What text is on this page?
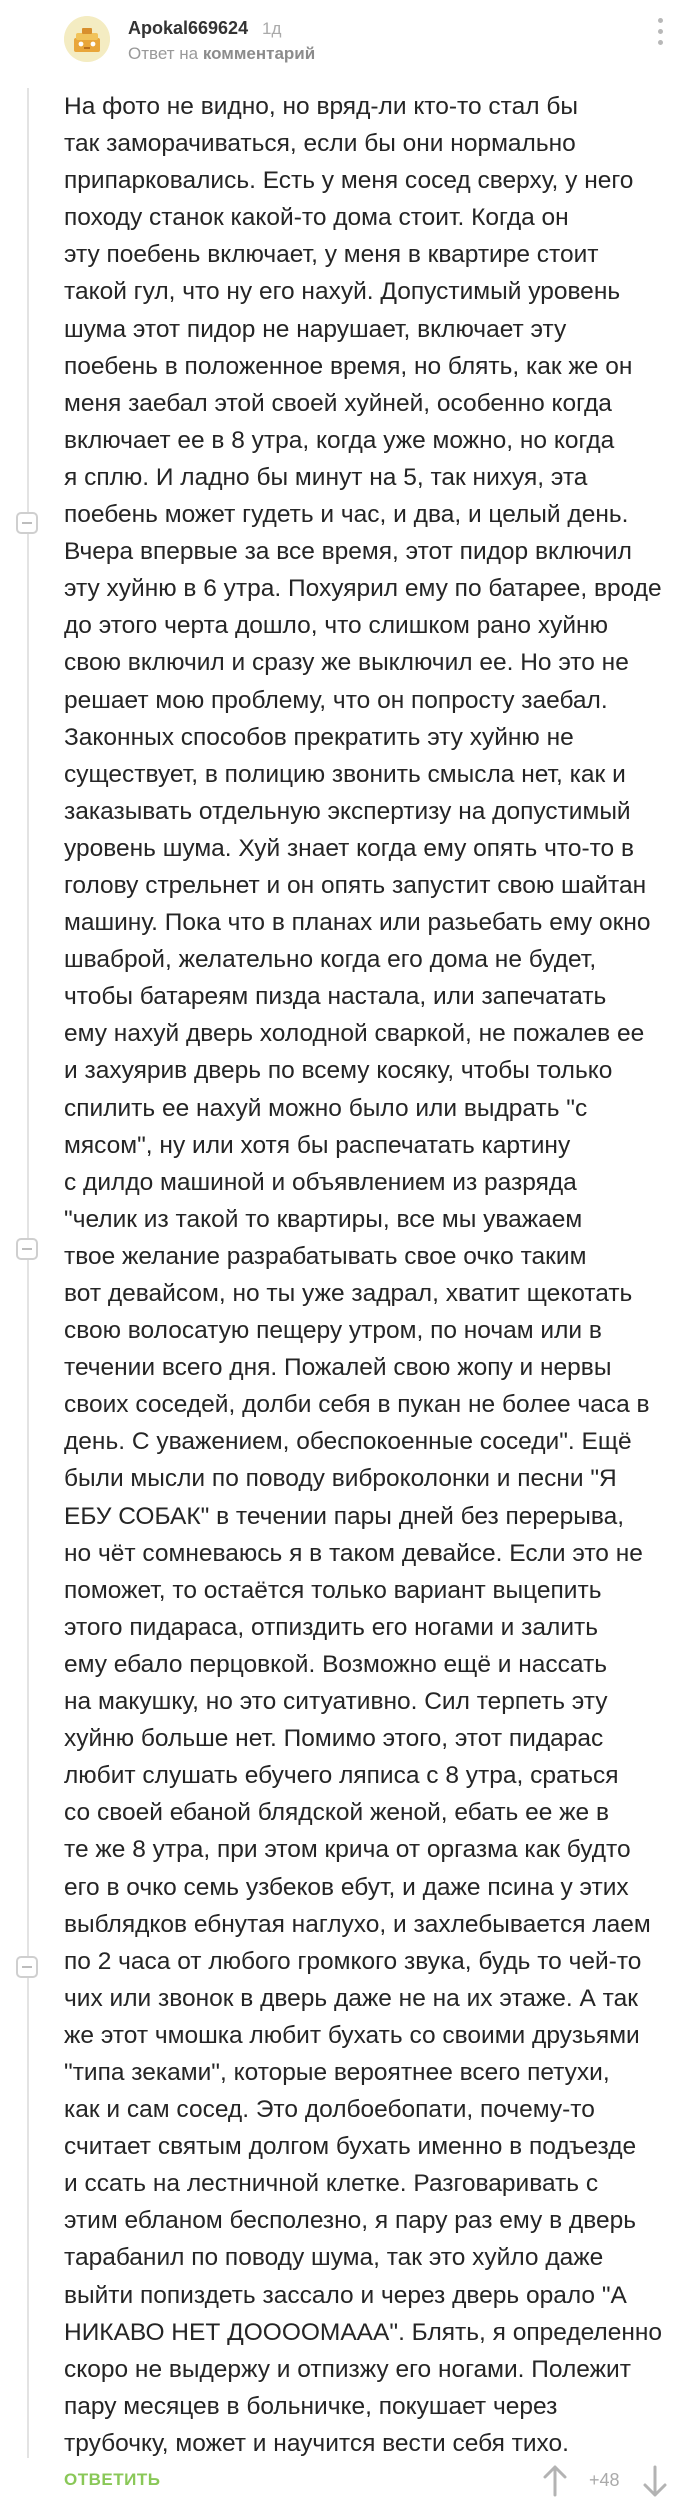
Apokal669624 1д
Ответ на комментарий
На фото не видно, но вряд-ли кто-то стал бы
так заморачиваться, если бы они нормально
припарковались. Есть у меня сосед сверху, у него
походу станок какой-то дома стоит. Когда он
эту поебень включает, у меня в квартире стоит
такой гул, что ну его нахуй. Допустимый уровень
шума этот пидор не нарушает, включает эту
поебень в положенное время, но блять, как же он
меня заебал этой своей хуйней, особенно когда
включает ее в 8 утра, когда уже можно, но когда
я сплю. И ладно бы минут на 5, так нихуя, эта
поебень может гудеть и час, и два, и целый день.
Вчера впервые за все время, этот пидор включил
эту хуйню в 6 утра. Похуярил ему по батарее, вроде
до этого черта дошло, что слишком рано хуйню
свою включил и сразу же выключил ее. Но это не
решает мою проблему, что он попросту заебал.
Законных способов прекратить эту хуйню не
существует, в полицию звонить смысла нет, как и
заказывать отдельную экспертизу на допустимый
уровень шума. Хуй знает когда ему опять что-то в
голову стрельнет и он опять запустит свою шайтан
машину. Пока что в планах или разьебать ему окно
шваброй, желательно когда его дома не будет,
чтобы батареям пизда настала, или запечатать
ему нахуй дверь холодной сваркой, не пожалев ее
и захуярив дверь по всему косяку, чтобы только
спилить ее нахуй можно было или выдрать "с
мясом", ну или хотя бы распечатать картину
с дилдо машиной и объявлением из разряда
"челик из такой то квартиры, все мы уважаем
твое желание разрабатывать свое очко таким
вот девайсом, но ты уже задрал, хватит щекотать
свою волосатую пещеру утром, по ночам или в
течении всего дня. Пожалей свою жопу и нервы
своих соседей, долби себя в пукан не более часа в
день. С уважением, обеспокоенные соседи". Ещё
были мысли по поводу виброколонки и песни "Я
ЕБУ СОБАК" в течении пары дней без перерыва,
но чёт сомневаюсь я в таком девайсе. Если это не
поможет, то остаётся только вариант выцепить
этого пидараса, отпиздить его ногами и залить
ему ебало перцовкой. Возможно ещё и нассать
на макушку, но это ситуативно. Сил терпеть эту
хуйню больше нет. Помимо этого, этот пидарас
любит слушать ебучего ляписа с 8 утра, сраться
со своей ебаной блядской женой, ебать ее же в
те же 8 утра, при этом крича от оргазма как будто
его в очко семь узбеков ебут, и даже псина у этих
выблядков ебнутая наглухо, и захлебывается лаем
по 2 часа от любого громкого звука, будь то чей-то
чих или звонок в дверь даже не на их этаже. А так
же этот чмошка любит бухать со своими друзьями
"типа зеками", которые вероятнее всего петухи,
как и сам сосед. Это долбоебопати, почему-то
считает святым долгом бухать именно в подъезде
и ссать на лестничной клетке. Разговаривать с
этим ебланом бесполезно, я пару раз ему в дверь
тарабанил по поводу шума, так это хуйло даже
выйти попиздеть зассало и через дверь орало "А
НИКАВО НЕТ ДООООМААА". Блять, я определенно
скоро не выдержу и отпизжу его ногами. Полежит
пару месяцев в больничке, покушает через
трубочку, может и научится вести себя тихо.
ОТВЕТИТЬ	+48
